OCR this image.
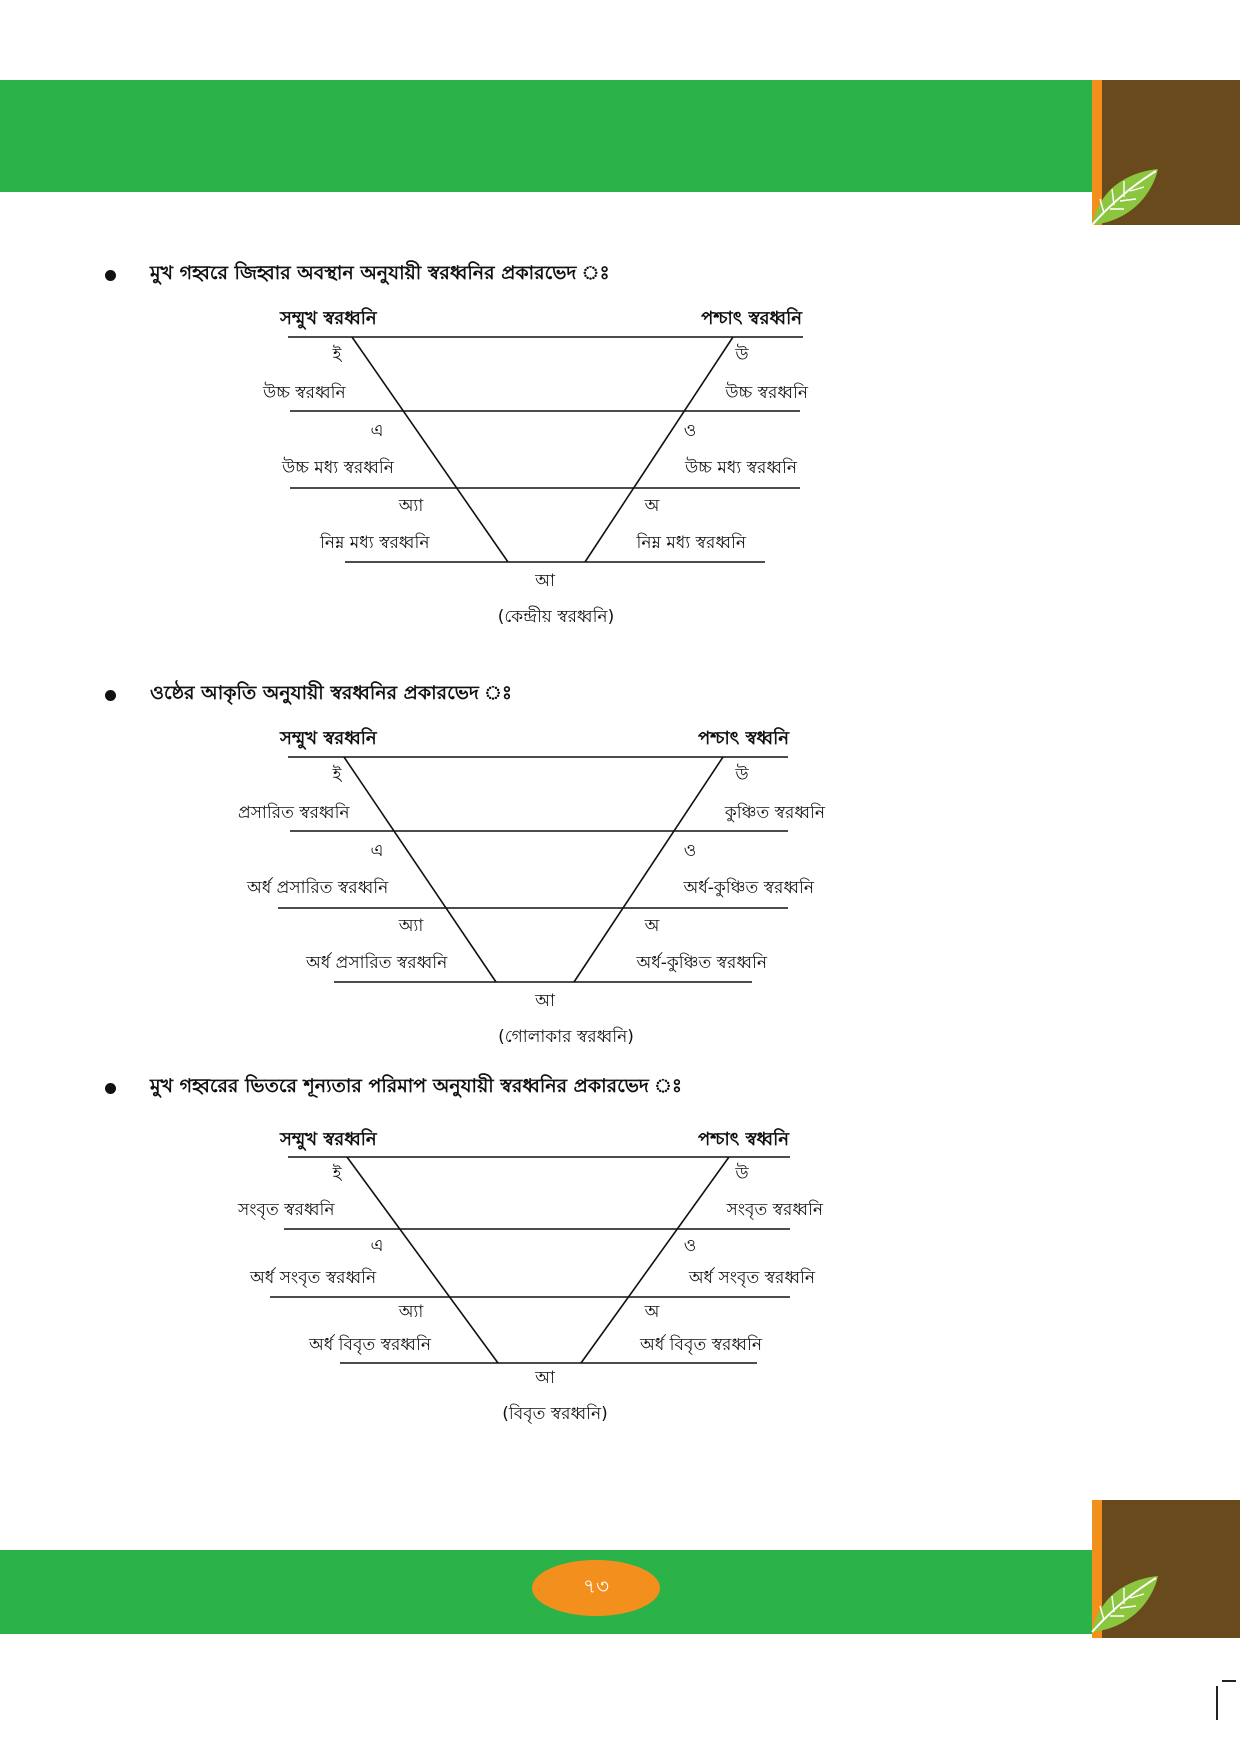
৭৩
মুখ গহ্বরে জিহ্বার অবস্থান অনুযায়ী স্বরধ্বনির প্রকারভেদ ঃ
সম্মুখ স্বরধ্বনি	পশ্চাৎ স্বরধ্বনি
ই
উচ্চ স্বরধ্বনি
এ
উচ্চ মধ্য স্বরধ্বনি
অ্যা
নিম্ন মধ্য স্বরধ্বনি
উ
উচ্চ স্বরধ্বনি
ও
উচ্চ মধ্য স্বরধ্বনি
অ
নিম্ন মধ্য স্বরধ্বনি
আ
(কেন্দ্রীয় স্বরধ্বনি)
ওষ্ঠের আকৃতি অনুযায়ী স্বরধ্বনির প্রকারভেদ ঃ
সম্মুখ স্বরধ্বনি	পশ্চাৎ স্বধ্বনি
ই
প্রসারিত স্বরধ্বনি
এ
অর্ধ প্রসারিত স্বরধ্বনি
অ্যা
অর্ধ প্রসারিত স্বরধ্বনি
উ
কুঞ্চিত স্বরধ্বনি
ও
অর্ধ-কুঞ্চিত স্বরধ্বনি
অ
অর্ধ-কুঞ্চিত স্বরধ্বনি
আ
(গোলাকার স্বরধ্বনি)
মুখ গহ্বরের ভিতরে শূন্যতার পরিমাপ অনুযায়ী স্বরধ্বনির প্রকারভেদ ঃ
সম্মুখ স্বরধ্বনি	পশ্চাৎ স্বধ্বনি
ই
সংবৃত স্বরধ্বনি
এ
অর্ধ সংবৃত স্বরধ্বনি
অ্যা
অর্ধ বিবৃত স্বরধ্বনি
উ
সংবৃত স্বরধ্বনি
ও
অর্ধ সংবৃত স্বরধ্বনি
অ
অর্ধ বিবৃত স্বরধ্বনি
আ
(বিবৃত স্বরধ্বনি)
